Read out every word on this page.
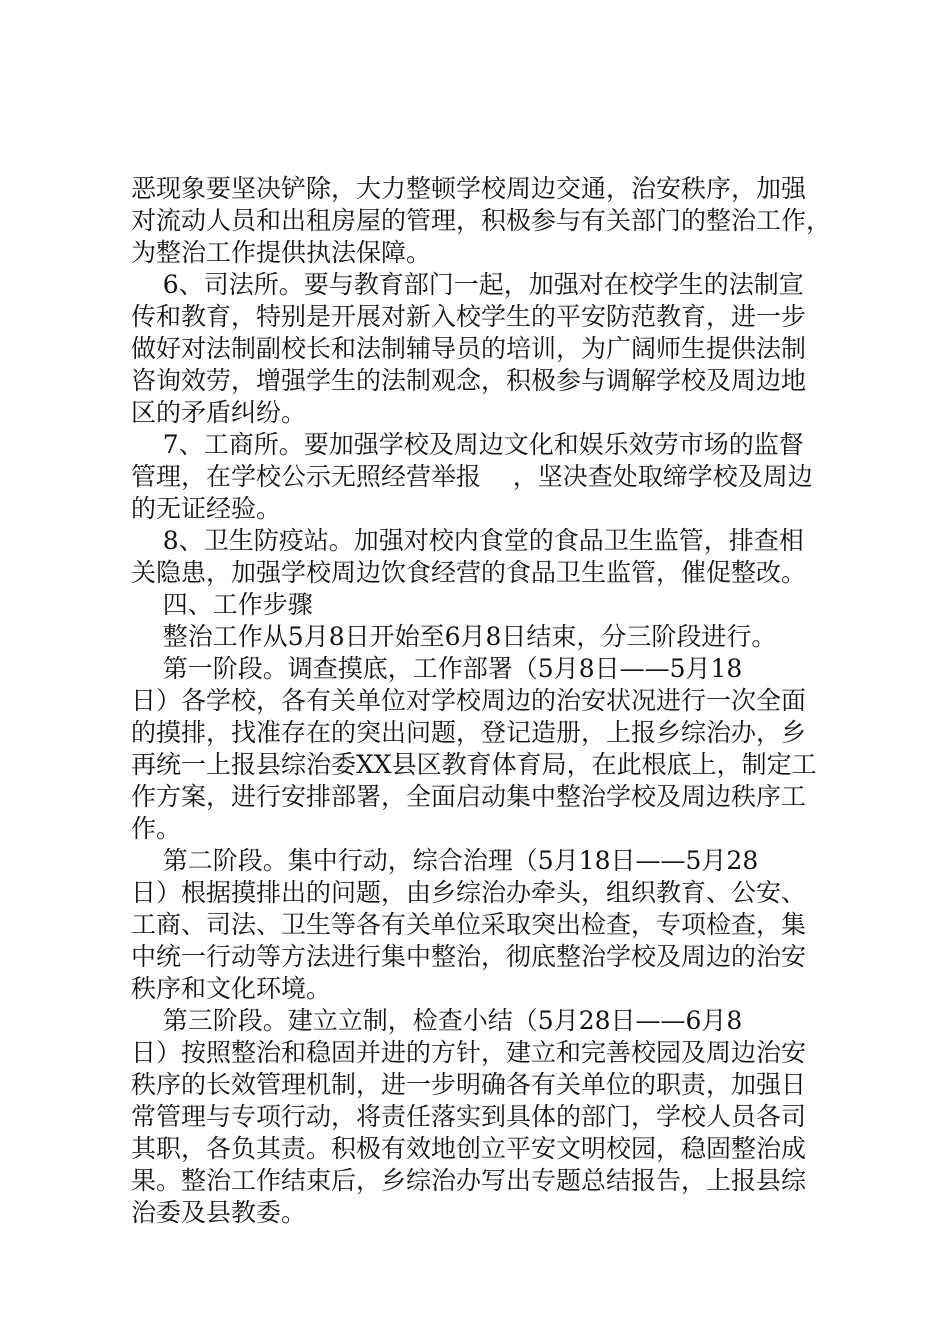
恶现象要坚决铲除，大力整顿学校周边交通，治安秩序，加强
对流动人员和出租房屋的管理，积极参与有关部门的整治工作，
为整治工作提供执法保障。
6、司法所。要与教育部门一起，加强对在校学生的法制宣
传和教育，特别是开展对新入校学生的平安防范教育，进一步
做好对法制副校长和法制辅导员的培训，为广阔师生提供法制
咨询效劳，增强学生的法制观念，积极参与调解学校及周边地
区的矛盾纠纷。
7、工商所。要加强学校及周边文化和娱乐效劳市场的监督
管理，在学校公示无照经营举报    ，坚决查处取缔学校及周边
的无证经验。
8、卫生防疫站。加强对校内食堂的食品卫生监管，排查相
关隐患，加强学校周边饮食经营的食品卫生监管，催促整改。
四、工作步骤
整治工作从5月8日开始至6月8日结束，分三阶段进行。
第一阶段。调查摸底，工作部署（5月8日——5月18
日）各学校，各有关单位对学校周边的治安状况进行一次全面
的摸排，找准存在的突出问题，登记造册，上报乡综治办，乡
再统一上报县综治委XX县区教育体育局，在此根底上，制定工
作方案，进行安排部署，全面启动集中整治学校及周边秩序工
作。
第二阶段。集中行动，综合治理（5月18日——5月28
日）根据摸排出的问题，由乡综治办牵头，组织教育、公安、
工商、司法、卫生等各有关单位采取突出检查，专项检查，集
中统一行动等方法进行集中整治，彻底整治学校及周边的治安
秩序和文化环境。
第三阶段。建立立制，检查小结（5月28日——6月8
日）按照整治和稳固并进的方针，建立和完善校园及周边治安
秩序的长效管理机制，进一步明确各有关单位的职责，加强日
常管理与专项行动，将责任落实到具体的部门，学校人员各司
其职，各负其责。积极有效地创立平安文明校园，稳固整治成
果。整治工作结束后，乡综治办写出专题总结报告，上报县综
治委及县教委。
